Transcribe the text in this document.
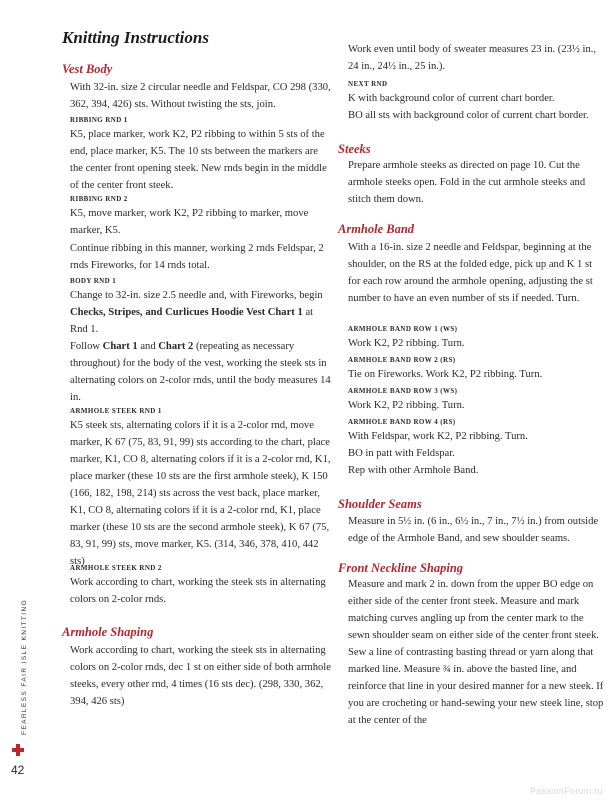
Knitting Instructions
Vest Body

With 32-in. size 2 circular needle and Feldspar, CO 298 (330, 362, 394, 426) sts. Without twisting the sts, join.

RIBBING RND 1

K5, place marker, work K2, P2 ribbing to within 5 sts of the end, place marker, K5. The 10 sts between the markers are the center front opening steek. New rnds begin in the middle of the center front steek.

RIBBING RND 2

K5, move marker, work K2, P2 ribbing to marker, move marker, K5.

Continue ribbing in this manner, working 2 rnds Feldspar, 2 rnds Fireworks, for 14 rnds total.

BODY RND 1

Change to 32-in. size 2.5 needle and, with Fireworks, begin Checks, Stripes, and Curlicues Hoodie Vest Chart 1 at Rnd 1.

Follow Chart 1 and Chart 2 (repeating as necessary throughout) for the body of the vest, working the steek sts in alternating colors on 2-color rnds, until the body measures 14 in.

ARMHOLE STEEK RND 1

K5 steek sts, alternating colors if it is a 2-color rnd, move marker, K 67 (75, 83, 91, 99) sts according to the chart, place marker, K1, CO 8, alternating colors if it is a 2-color rnd, K1, place marker (these 10 sts are the first armhole steek), K 150 (166, 182, 198, 214) sts across the vest back, place marker, K1, CO 8, alternating colors if it is a 2-color rnd, K1, place marker (these 10 sts are the second armhole steek), K 67 (75, 83, 91, 99) sts, move marker, K5. (314, 346, 378, 410, 442 sts)

ARMHOLE STEEK RND 2

Work according to chart, working the steek sts in alternating colors on 2-color rnds.

Armhole Shaping

Work according to chart, working the steek sts in alternating colors on 2-color rnds, dec 1 st on either side of both armhole steeks, every other rnd, 4 times (16 sts dec). (298, 330, 362, 394, 426 sts)

Work even until body of sweater measures 23 in. (23½ in., 24 in., 24½ in., 25 in.).

NEXT RND

K with background color of current chart border.

BO all sts with background color of current chart border.

Steeks

Prepare armhole steeks as directed on page 10. Cut the armhole steeks open. Fold in the cut armhole steeks and stitch them down.

Armhole Band

With a 16-in. size 2 needle and Feldspar, beginning at the shoulder, on the RS at the folded edge, pick up and K 1 st for each row around the armhole opening, adjusting the st number to have an even number of sts if needed. Turn.

ARMHOLE BAND ROW 1 (WS)

Work K2, P2 ribbing. Turn.

ARMHOLE BAND ROW 2 (RS)

Tie on Fireworks. Work K2, P2 ribbing. Turn.

ARMHOLE BAND ROW 3 (WS)

Work K2, P2 ribbing. Turn.

ARMHOLE BAND ROW 4 (RS)

With Feldspar, work K2, P2 ribbing. Turn.

BO in patt with Feldspar.

Rep with other Armhole Band.

Shoulder Seams

Measure in 5½ in. (6 in., 6½ in., 7 in., 7½ in.) from outside edge of the Armhole Band, and sew shoulder seams.

Front Neckline Shaping

Measure and mark 2 in. down from the upper BO edge on either side of the center front steek. Measure and mark matching curves angling up from the center mark to the sewn shoulder seam on either side of the center front steek. Sew a line of contrasting basting thread or yarn along that marked line. Measure ¾ in. above the basted line, and reinforce that line in your desired manner for a new steek. If you are crocheting or hand-sewing your new steek line, stop at the center of the

FEARLESS FAIR ISLE KNITTING
42
PassionForum.ru
